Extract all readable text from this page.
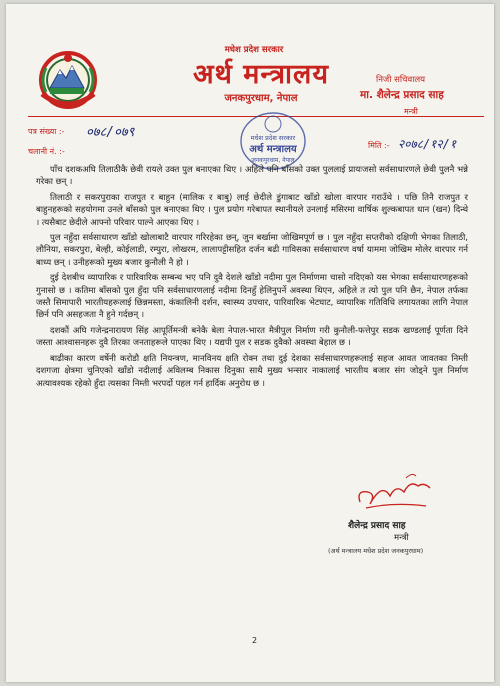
मधेश प्रदेश सरकार
अर्थ मन्त्रालय
जनकपुरधाम, नेपाल
निजी सचिवालय
मा. शैलेन्द्र प्रसाद साह
मन्त्री
पत्र संख्या :- ०७८/०७९
चलानी नं. :-
मिति :- २०७८/१२/१
मधेश प्रदेश सरकार
अर्थ मन्त्रालय
जनकपुरधाम, नेपाल

पाँच दशकअघि तिलाठीकै छेवी रायले उक्त पुल बनाएका थिए । अहिले पनि बाँसको उक्त पुललाई प्रायःजसो सर्वसाधारणले छेवी पुलनै भन्ने गरेका छन् ।

तिलाठी र सकरपुराका राजपुत र बाहुन (मालिक र बाबु) लाई छेदीले डुंगाबाट खाँडो खोला वारपार गराउँथे । पछि तिनै राजपुत र बाहुनहरूको सहयोगमा उनले बाँसको पुल बनाएका थिए । पुल प्रयोग गरेबापत स्थानीयले उनलाई मसिरमा वार्षिक शुल्कबापत धान (खन) दिन्थे । त्यसैबाट छेदीले आफ्नो परिवार पाल्ने आएका थिए ।

पुल नहुँदा सर्वसाधारण खाँडो खोलाबाटै वारपार गरिरहेका छन्, जुन बर्खामा जोखिमपूर्ण छ । पुल नहुँदा सप्तरीको दक्षिणी भेगका तिलाठी, लौनिया, सकरपुरा, बेल्ही, कोईलाडी, रम्पुरा, लोखरम, लालापट्टीसहित दर्जन बढी गाविसका सर्वसाधारण वर्षा याममा जोखिम मोलेर वारपार गर्न बाध्य छन् । उनीहरूको मुख्य बजार कुनौली नै हो ।

दुई देशबीच व्यापारिक र पारिवारिक सम्बन्ध भए पनि दुवै देशले खाँडो नदीमा पुल निर्माणमा चासो नदिएको यस भेगका सर्वसाधारणहरूको गुनासो छ । कतिमा बाँसको पुल हुँदा पनि सर्वसाधारणलाई नदीमा दिनहुँ हेलिनुपर्ने अवस्था थिएन, अहिले त त्यो पुल पनि छैन, नेपाल तर्फका जस्तै सिमापारी भारतीयहरूलाई छिन्नमस्ता, कंकालिनी दर्शन, स्वास्थ्य उपचार, पारिवारिक भेटघाट, व्यापारिक गतिविधि लगायतका लागि नेपाल छिर्न पनि असहजता नै हुने गर्दछन् ।

दशकौं अघि गजेन्द्रनारायण सिंह आपूर्तिमन्त्री बनेकै बेला नेपाल-भारत मैत्रीपुल निर्माण गरी कुनौली-फत्तेपुर सडक खण्डलाई पूर्णता दिने जस्ता आश्वासनहरू दुवै तिरका जनताहरूले पाएका थिए । यद्यपी पुल र सडक दुवैको अवस्था बेहाल छ ।

बाढीका कारण वर्षेनी करोडौ क्षति नियन्त्रण, मानविनय क्षति रोक्न तथा दुई देशका सर्वसाधारणहरूलाई सहज आवत जावतका निम्ती दशगजा क्षेत्रमा चुनिएको खाँडो नदीलाई अविलम्ब निकास दिनुका साथै मुख्य भन्सार नाकालाई भारतीय बजार संग जोड्ने पुल निर्माण अत्यावश्यक रहेको हुँदा त्यसका निम्ती भरपर्दो पहल गर्न हार्दिक अनुरोध छ ।

शैलेन्द्र प्रसाद साह
मन्त्री
(अर्थ मन्त्रालय मधेश प्रदेश जनकपुरधाम)
2
